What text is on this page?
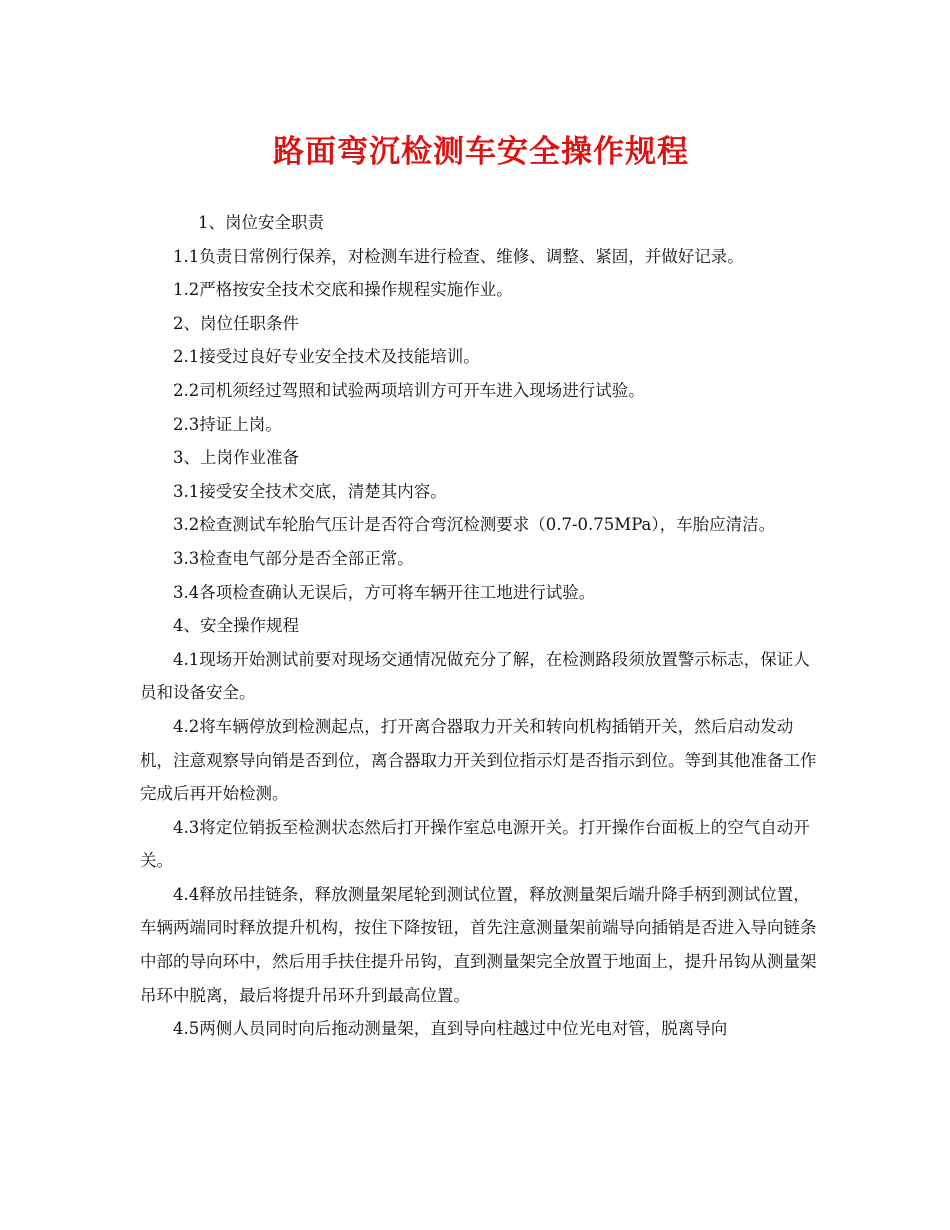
路面弯沉检测车安全操作规程

1、岗位安全职责

1.1负责日常例行保养，对检测车进行检查、维修、调整、紧固，并做好记录。

1.2严格按安全技术交底和操作规程实施作业。

2、岗位任职条件

2.1接受过良好专业安全技术及技能培训。

2.2司机须经过驾照和试验两项培训方可开车进入现场进行试验。

2.3持证上岗。

3、上岗作业准备

3.1接受安全技术交底，清楚其内容。

3.2检查测试车轮胎气压计是否符合弯沉检测要求（0.7-0.75MPa），车胎应清洁。

3.3检查电气部分是否全部正常。

3.4各项检查确认无误后，方可将车辆开往工地进行试验。

4、安全操作规程

4.1现场开始测试前要对现场交通情况做充分了解，在检测路段须放置警示标志，保证人员和设备安全。

4.2将车辆停放到检测起点，打开离合器取力开关和转向机构插销开关，然后启动发动机，注意观察导向销是否到位，离合器取力开关到位指示灯是否指示到位。等到其他准备工作完成后再开始检测。

4.3将定位销扳至检测状态然后打开操作室总电源开关。打开操作台面板上的空气自动开关。

4.4释放吊挂链条，释放测量架尾轮到测试位置，释放测量架后端升降手柄到测试位置，车辆两端同时释放提升机构，按住下降按钮，首先注意测量架前端导向插销是否进入导向链条中部的导向环中，然后用手扶住提升吊钩，直到测量架完全放置于地面上，提升吊钩从测量架吊环中脱离，最后将提升吊环升到最高位置。

4.5两侧人员同时向后拖动测量架，直到导向柱越过中位光电对管，脱离导向
